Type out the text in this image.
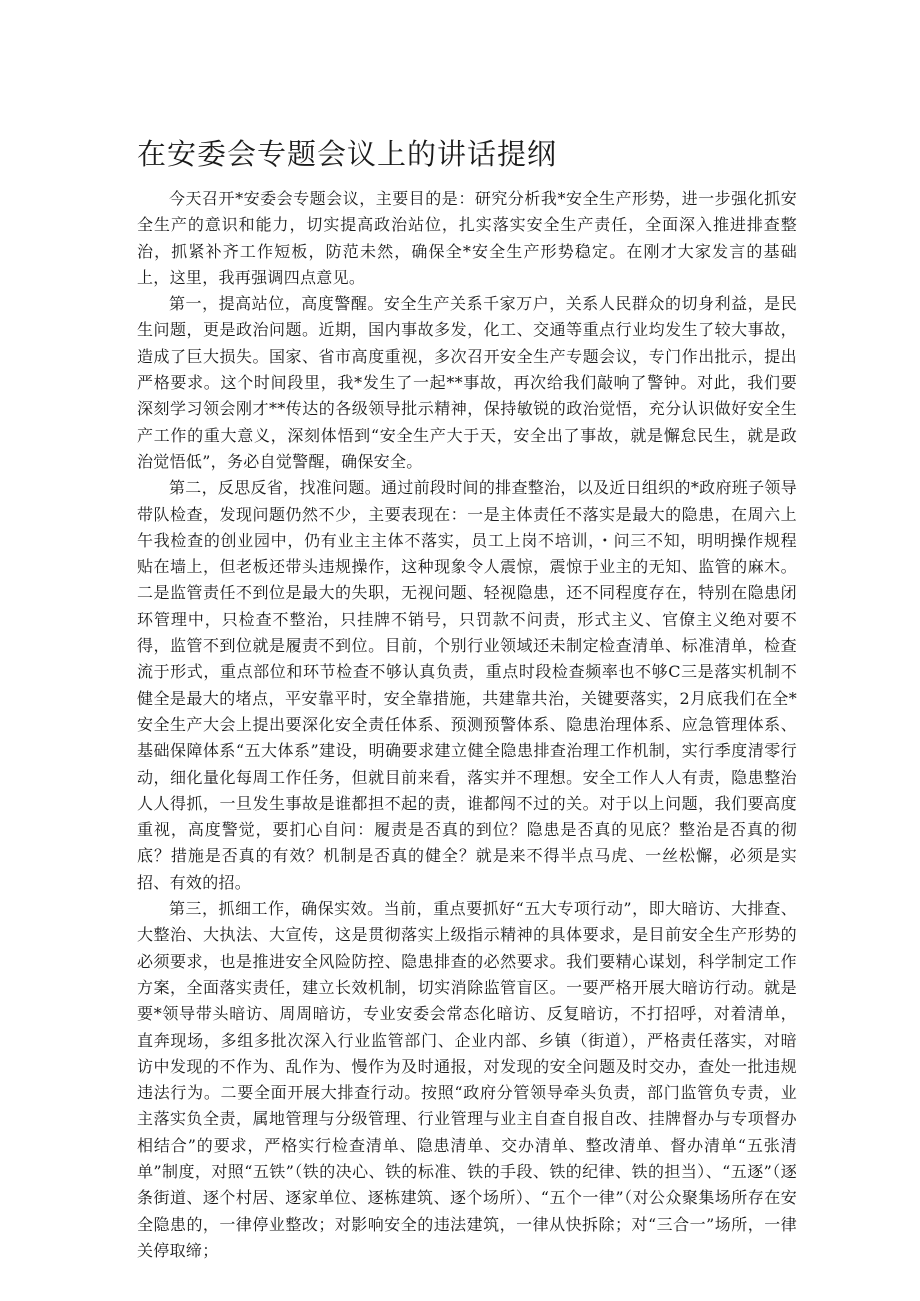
在安委会专题会议上的讲话提纲

今天召开*安委会专题会议，主要目的是：研究分析我*安全生产形势，进一步强化抓安全生产的意识和能力，切实提高政治站位，扎实落实安全生产责任，全面深入推进排查整治，抓紧补齐工作短板，防范未然，确保全*安全生产形势稳定。在刚才大家发言的基础上，这里，我再强调四点意见。

第一，提高站位，高度警醒。安全生产关系千家万户，关系人民群众的切身利益，是民生问题，更是政治问题。近期，国内事故多发，化工、交通等重点行业均发生了较大事故，造成了巨大损失。国家、省市高度重视，多次召开安全生产专题会议，专门作出批示，提出严格要求。这个时间段里，我*发生了一起**事故，再次给我们敲响了警钟。对此，我们要深刻学习领会刚才**传达的各级领导批示精神，保持敏锐的政治觉悟，充分认识做好安全生产工作的重大意义，深刻体悟到“安全生产大于天，安全出了事故，就是懈怠民生，就是政治觉悟低”，务必自觉警醒，确保安全。

第二，反思反省，找准问题。通过前段时间的排查整治，以及近日组织的*政府班子领导带队检查，发现问题仍然不少，主要表现在：一是主体责任不落实是最大的隐患，在周六上午我检查的创业园中，仍有业主主体不落实，员工上岗不培训，・问三不知，明明操作规程贴在墙上，但老板还带头违规操作，这种现象令人震惊，震惊于业主的无知、监管的麻木。二是监管责任不到位是最大的失职，无视问题、轻视隐患，还不同程度存在，特别在隐患闭环管理中，只检查不整治，只挂牌不销号，只罚款不问责，形式主义、官僚主义绝对要不得，监管不到位就是履责不到位。目前，个别行业领域还未制定检查清单、标准清单，检查流于形式，重点部位和环节检查不够认真负责，重点时段检查频率也不够C三是落实机制不健全是最大的堵点，平安靠平时，安全靠措施，共建靠共治，关键要落实，2月底我们在全*安全生产大会上提出要深化安全责任体系、预测预警体系、隐患治理体系、应急管理体系、基础保障体系“五大体系”建设，明确要求建立健全隐患排查治理工作机制，实行季度清零行动，细化量化每周工作任务，但就目前来看，落实并不理想。安全工作人人有责，隐患整治人人得抓，一旦发生事故是谁都担不起的责，谁都闯不过的关。对于以上问题，我们要高度重视，高度警觉，要扪心自问：履责是否真的到位？隐患是否真的见底？整治是否真的彻底？措施是否真的有效？机制是否真的健全？就是来不得半点马虎、一丝松懈，必须是实招、有效的招。

第三，抓细工作，确保实效。当前，重点要抓好“五大专项行动”，即大暗访、大排查、大整治、大执法、大宣传，这是贯彻落实上级指示精神的具体要求，是目前安全生产形势的必须要求，也是推进安全风险防控、隐患排查的必然要求。我们要精心谋划，科学制定工作方案，全面落实责任，建立长效机制，切实消除监管盲区。一要严格开展大暗访行动。就是要*领导带头暗访、周周暗访，专业安委会常态化暗访、反复暗访，不打招呼，对着清单，直奔现场，多组多批次深入行业监管部门、企业内部、乡镇（街道），严格责任落实，对暗访中发现的不作为、乱作为、慢作为及时通报，对发现的安全问题及时交办，查处一批违规违法行为。二要全面开展大排查行动。按照“政府分管领导牵头负责，部门监管负专责，业主落实负全责，属地管理与分级管理、行业管理与业主自查自报自改、挂牌督办与专项督办相结合”的要求，严格实行检查清单、隐患清单、交办清单、整改清单、督办清单“五张清单”制度，对照“五铁”（铁的决心、铁的标准、铁的手段、铁的纪律、铁的担当）、“五逐”（逐条街道、逐个村居、逐家单位、逐栋建筑、逐个场所）、“五个一律”（对公众聚集场所存在安全隐患的，一律停业整改；对影响安全的违法建筑，一律从快拆除；对“三合一”场所，一律关停取缔；
